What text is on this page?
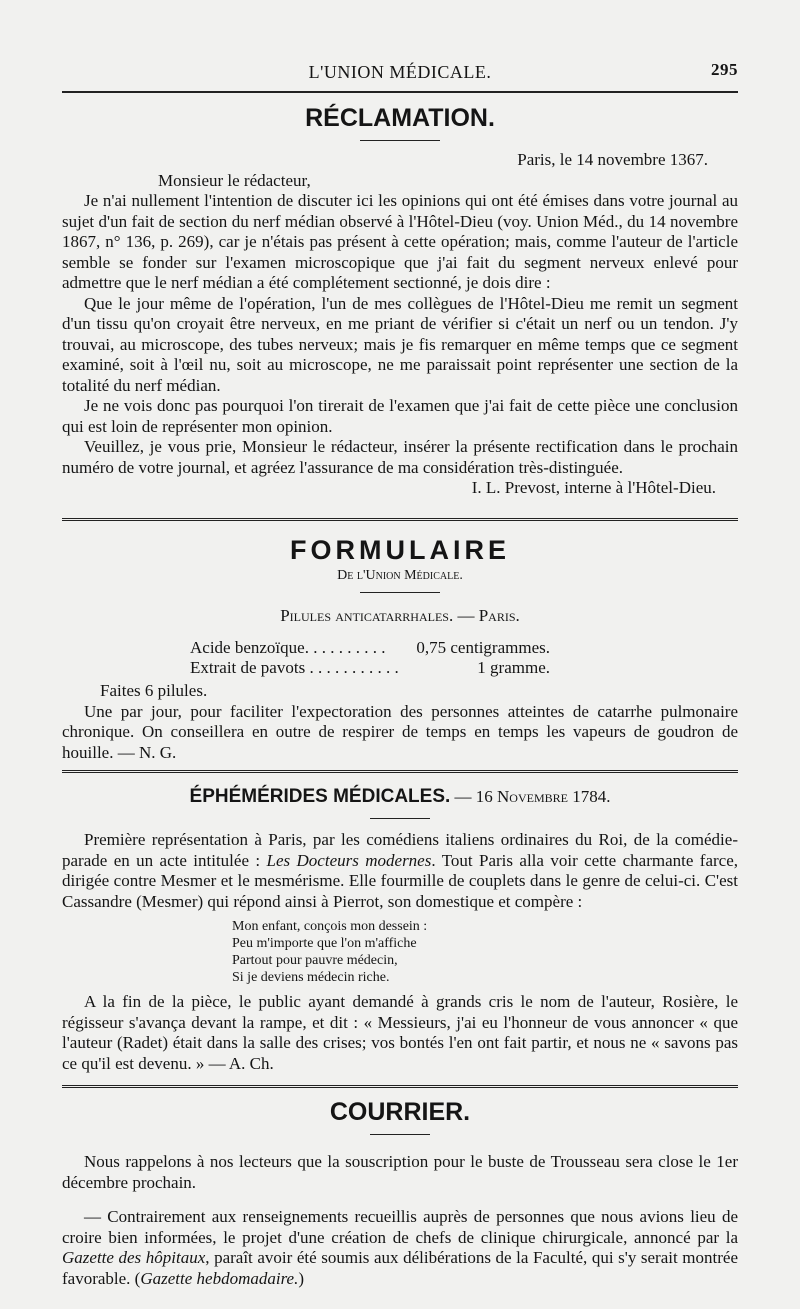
L'UNION MÉDICALE.	295
RÉCLAMATION.
Paris, le 14 novembre 1367.
Monsieur le rédacteur,

Je n'ai nullement l'intention de discuter ici les opinions qui ont été émises dans votre journal au sujet d'un fait de section du nerf médian observé à l'Hôtel-Dieu (voy. Union Méd., du 14 novembre 1867, n° 136, p. 269), car je n'étais pas présent à cette opération; mais, comme l'auteur de l'article semble se fonder sur l'examen microscopique que j'ai fait du segment nerveux enlevé pour admettre que le nerf médian a été complétement sectionné, je dois dire :

Que le jour même de l'opération, l'un de mes collègues de l'Hôtel-Dieu me remit un segment d'un tissu qu'on croyait être nerveux, en me priant de vérifier si c'était un nerf ou un tendon. J'y trouvai, au microscope, des tubes nerveux; mais je fis remarquer en même temps que ce segment examiné, soit à l'œil nu, soit au microscope, ne me paraissait point représenter une section de la totalité du nerf médian.

Je ne vois donc pas pourquoi l'on tirerait de l'examen que j'ai fait de cette pièce une conclusion qui est loin de représenter mon opinion.

Veuillez, je vous prie, Monsieur le rédacteur, insérer la présente rectification dans le prochain numéro de votre journal, et agréez l'assurance de ma considération très-distinguée.

I. L. Prevost, interne à l'Hôtel-Dieu.
FORMULAIRE
De l'Union Médicale.
Pilules anticatarrhales. — Paris.
Acide benzoïque. . . . . . . . . . 0,75 centigrammes.
Extrait de pavots . . . . . . . . . . .	1 gramme.
Faites 6 pilules.

Une par jour, pour faciliter l'expectoration des personnes atteintes de catarrhe pulmonaire chronique. On conseillera en outre de respirer de temps en temps les vapeurs de goudron de houille. — N. G.

ÉPHÉMÉRIDES MÉDICALES. — 16 Novembre 1784.

Première représentation à Paris, par les comédiens italiens ordinaires du Roi, de la comédie-parade en un acte intitulée : Les Docteurs modernes. Tout Paris alla voir cette charmante farce, dirigée contre Mesmer et le mesmérisme. Elle fourmille de couplets dans le genre de celui-ci. C'est Cassandre (Mesmer) qui répond ainsi à Pierrot, son domestique et compère :

Mon enfant, conçois mon dessein :
Peu m'importe que l'on m'affiche
Partout pour pauvre médecin,
Si je deviens médecin riche.

A la fin de la pièce, le public ayant demandé à grands cris le nom de l'auteur, Rosière, le régisseur s'avança devant la rampe, et dit : « Messieurs, j'ai eu l'honneur de vous annoncer « que l'auteur (Radet) était dans la salle des crises; vos bontés l'en ont fait partir, et nous ne « savons pas ce qu'il est devenu. » — A. Ch.

COURRIER.

Nous rappelons à nos lecteurs que la souscription pour le buste de Trousseau sera close le 1er décembre prochain.

— Contrairement aux renseignements recueillis auprès de personnes que nous avions lieu de croire bien informées, le projet d'une création de chefs de clinique chirurgicale, annoncé par la Gazette des hôpitaux, paraît avoir été soumis aux délibérations de la Faculté, qui s'y serait montrée favorable. (Gazette hebdomadaire.)
